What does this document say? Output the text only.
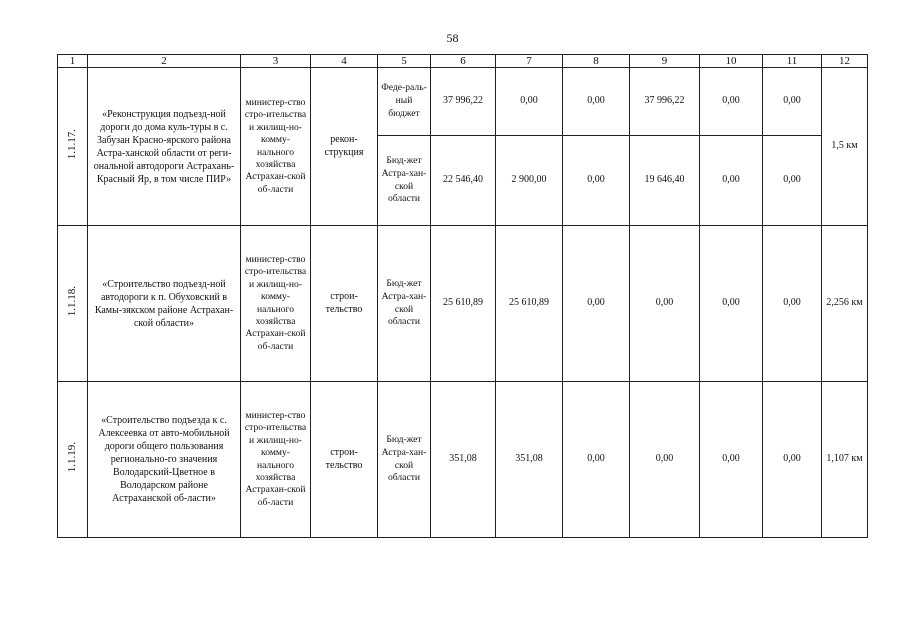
58
1	2	3	4	5	6	7	8	9	10	11	12
1.1.17.	«Реконструкция подъезд-ной дороги до дома куль-туры в с. Забузан Красно-ярского района Астра-ханской области от реги-ональной автодороги Астрахань-Красный Яр, в том числе ПИР»	министер-ство стро-ительства и жилищ-но-комму-нального хозяйства Астрахан-ской об-ласти	рекон-струкция	Феде-раль-ный бюджет	37 996,22	0,00	0,00	37 996,22	0,00	0,00	1,5 км
				Бюд-жет Астра-хан-ской области	22 546,40	2 900,00	0,00	19 646,40	0,00	0,00	
1.1.18.	«Строительство подъезд-ной автодороги к п. Обуховский в Камы-зякском районе Астрахан-ской области»	министер-ство стро-ительства и жилищ-но-комму-нального хозяйства Астрахан-ской об-ласти	строи-тельство	Бюд-жет Астра-хан-ской области	25 610,89	25 610,89	0,00	0,00	0,00	0,00	2,256 км
1.1.19.	«Строительство подъезда к с. Алексеевка от авто-мобильной дороги общего пользования регионально-го значения Володарский-Цветное в Володарском районе Астраханской об-ласти»	министер-ство стро-ительства и жилищ-но-комму-нального хозяйства Астрахан-ской об-ласти	строи-тельство	Бюд-жет Астра-хан-ской области	351,08	351,08	0,00	0,00	0,00	0,00	1,107 км
